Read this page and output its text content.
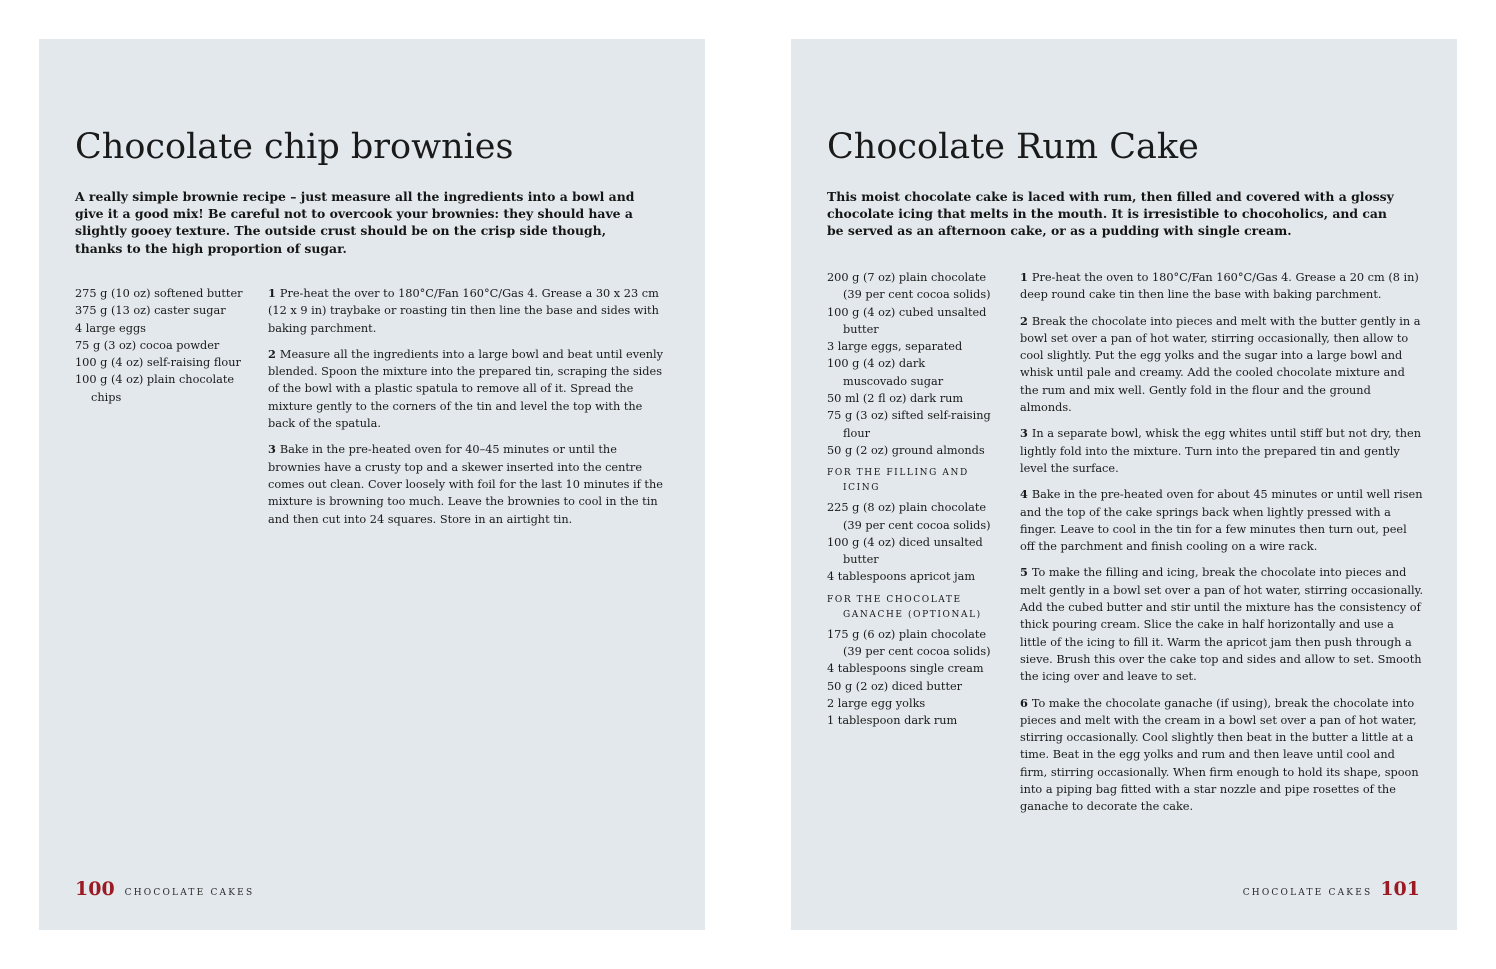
Chocolate chip brownies

A really simple brownie recipe – just measure all the ingredients into a bowl and give it a good mix! Be careful not to overcook your brownies: they should have a slightly gooey texture. The outside crust should be on the crisp side though, thanks to the high proportion of sugar.

275 g (10 oz) softened butter
375 g (13 oz) caster sugar
4 large eggs
75 g (3 oz) cocoa powder
100 g (4 oz) self-raising flour
100 g (4 oz) plain chocolate chips

1 Pre-heat the over to 180°C/Fan 160°C/Gas 4. Grease a 30 x 23 cm (12 x 9 in) traybake or roasting tin then line the base and sides with baking parchment.

2 Measure all the ingredients into a large bowl and beat until evenly blended. Spoon the mixture into the prepared tin, scraping the sides of the bowl with a plastic spatula to remove all of it. Spread the mixture gently to the corners of the tin and level the top with the back of the spatula.

3 Bake in the pre-heated oven for 40–45 minutes or until the brownies have a crusty top and a skewer inserted into the centre comes out clean. Cover loosely with foil for the last 10 minutes if the mixture is browning too much. Leave the brownies to cool in the tin and then cut into 24 squares. Store in an airtight tin.

100 CHOCOLATE CAKES
Chocolate Rum Cake

This moist chocolate cake is laced with rum, then filled and covered with a glossy chocolate icing that melts in the mouth. It is irresistible to chocoholics, and can be served as an afternoon cake, or as a pudding with single cream.

200 g (7 oz) plain chocolate (39 per cent cocoa solids)
100 g (4 oz) cubed unsalted butter
3 large eggs, separated
100 g (4 oz) dark muscovado sugar
50 ml (2 fl oz) dark rum
75 g (3 oz) sifted self-raising flour
50 g (2 oz) ground almonds
FOR THE FILLING AND ICING
225 g (8 oz) plain chocolate (39 per cent cocoa solids)
100 g (4 oz) diced unsalted butter
4 tablespoons apricot jam
FOR THE CHOCOLATE GANACHE (OPTIONAL)
175 g (6 oz) plain chocolate (39 per cent cocoa solids)
4 tablespoons single cream
50 g (2 oz) diced butter
2 large egg yolks
1 tablespoon dark rum

1 Pre-heat the oven to 180°C/Fan 160°C/Gas 4. Grease a 20 cm (8 in) deep round cake tin then line the base with baking parchment.

2 Break the chocolate into pieces and melt with the butter gently in a bowl set over a pan of hot water, stirring occasionally, then allow to cool slightly. Put the egg yolks and the sugar into a large bowl and whisk until pale and creamy. Add the cooled chocolate mixture and the rum and mix well. Gently fold in the flour and the ground almonds.

3 In a separate bowl, whisk the egg whites until stiff but not dry, then lightly fold into the mixture. Turn into the prepared tin and gently level the surface.

4 Bake in the pre-heated oven for about 45 minutes or until well risen and the top of the cake springs back when lightly pressed with a finger. Leave to cool in the tin for a few minutes then turn out, peel off the parchment and finish cooling on a wire rack.

5 To make the filling and icing, break the chocolate into pieces and melt gently in a bowl set over a pan of hot water, stirring occasionally. Add the cubed butter and stir until the mixture has the consistency of thick pouring cream. Slice the cake in half horizontally and use a little of the icing to fill it. Warm the apricot jam then push through a sieve. Brush this over the cake top and sides and allow to set. Smooth the icing over and leave to set.

6 To make the chocolate ganache (if using), break the chocolate into pieces and melt with the cream in a bowl set over a pan of hot water, stirring occasionally. Cool slightly then beat in the butter a little at a time. Beat in the egg yolks and rum and then leave until cool and firm, stirring occasionally. When firm enough to hold its shape, spoon into a piping bag fitted with a star nozzle and pipe rosettes of the ganache to decorate the cake.

CHOCOLATE CAKES 101
